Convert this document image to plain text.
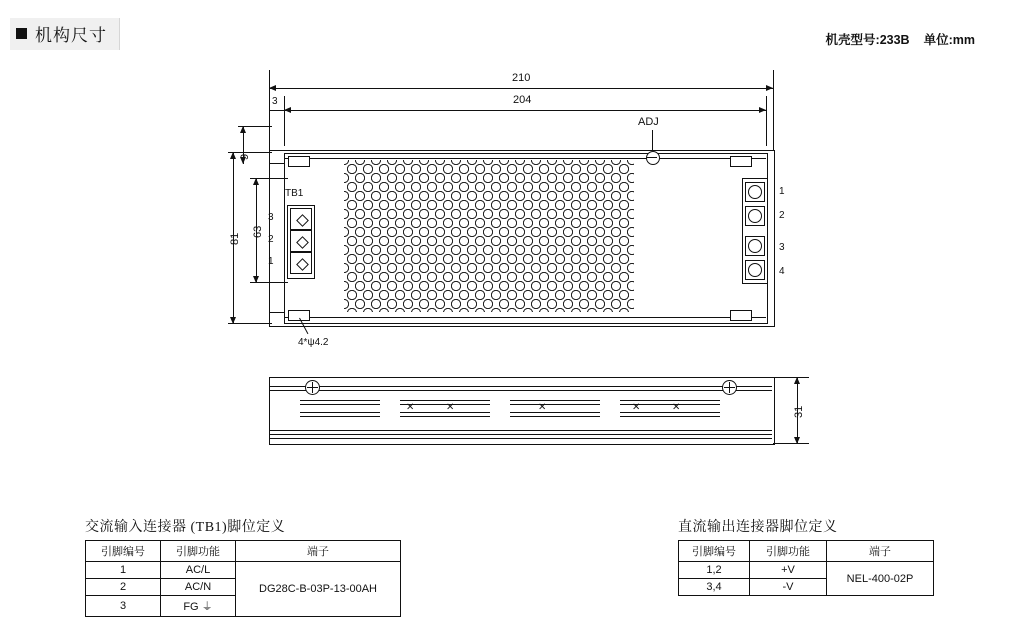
机构尺寸	机壳型号:233B 单位:mm
210
204
3
ADJ
TB1
3
2
1
1
2
3
4
81
63
9
4*ψ4.2
✕	✕	✕	✕	✕	31
交流输入连接器 (TB1)脚位定义
引脚编号	引脚功能	端子
1	AC/L	DG28C-B-03P-13-00AH
2	AC/N	
3	FG ⏚	
直流输出连接器脚位定义
引脚编号	引脚功能	端子
1,2	+V	NEL-400-02P
3,4	-V	
